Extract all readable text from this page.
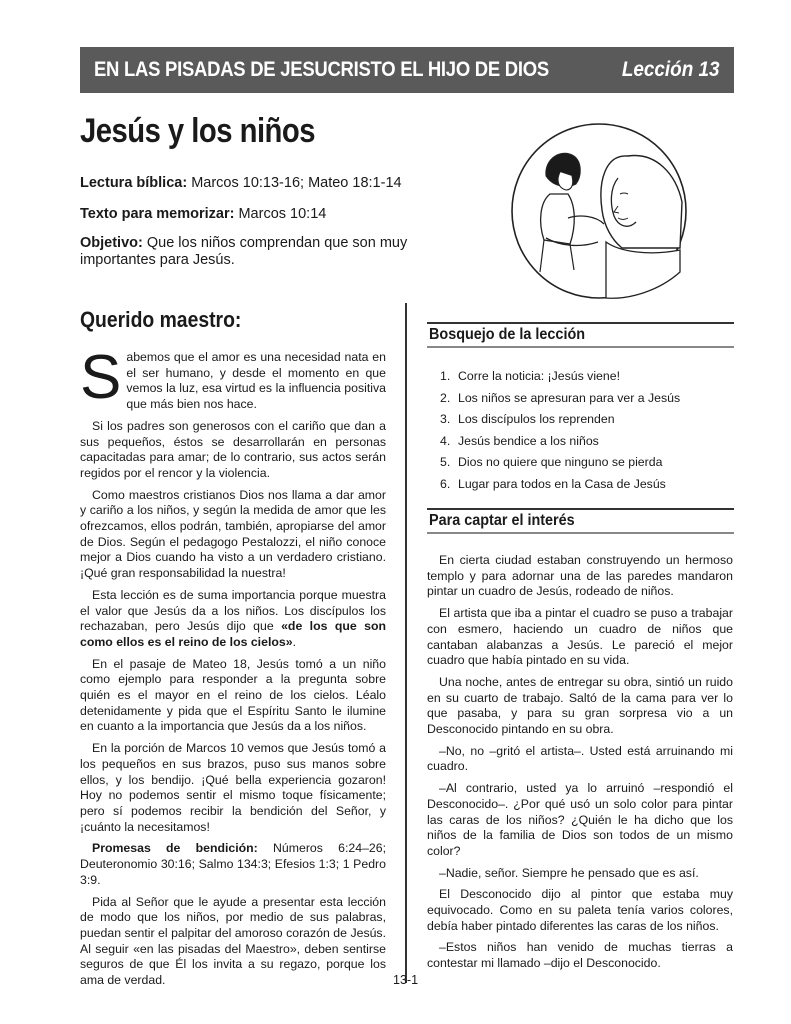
EN LAS PISADAS DE JESUCRISTO EL HIJO DE DIOS	Lección 13
Jesús y los niños
Lectura bíblica: Marcos 10:13-16; Mateo 18:1-14
Texto para memorizar: Marcos 10:14
Objetivo: Que los niños comprendan que son muy importantes para Jesús.
Querido maestro:

Sabemos que el amor es una necesidad nata en el ser humano, y desde el momento en que vemos la luz, esa virtud es la influencia positiva que más bien nos hace.

Si los padres son generosos con el cariño que dan a sus pequeños, éstos se desarrollarán en personas capacitadas para amar; de lo contrario, sus actos serán regidos por el rencor y la violencia.

Como maestros cristianos Dios nos llama a dar amor y cariño a los niños, y según la medida de amor que les ofrezcamos, ellos podrán, también, apropiarse del amor de Dios. Según el pedagogo Pestalozzi, el niño conoce mejor a Dios cuando ha visto a un verdadero cristiano. ¡Qué gran responsabilidad la nuestra!

Esta lección es de suma importancia porque muestra el valor que Jesús da a los niños. Los discípulos los rechazaban, pero Jesús dijo que «de los que son como ellos es el reino de los cielos».

En el pasaje de Mateo 18, Jesús tomó a un niño como ejemplo para responder a la pregunta sobre quién es el mayor en el reino de los cielos. Léalo detenidamente y pida que el Espíritu Santo le ilumine en cuanto a la importancia que Jesús da a los niños.

En la porción de Marcos 10 vemos que Jesús tomó a los pequeños en sus brazos, puso sus manos sobre ellos, y los bendijo. ¡Qué bella experiencia gozaron! Hoy no podemos sentir el mismo toque físicamente; pero sí podemos recibir la bendición del Señor, y ¡cuánto la necesitamos!

Promesas de bendición: Números 6:24–26; Deuteronomio 30:16; Salmo 134:3; Efesios 1:3; 1 Pedro 3:9.

Pida al Señor que le ayude a presentar esta lección de modo que los niños, por medio de sus palabras, puedan sentir el palpitar del amoroso corazón de Jesús. Al seguir «en las pisadas del Maestro», deben sentirse seguros de que Él los invita a su regazo, porque los ama de verdad.

Bosquejo de la lección
1. Corre la noticia: ¡Jesús viene!
2. Los niños se apresuran para ver a Jesús
3. Los discípulos los reprenden
4. Jesús bendice a los niños
5. Dios no quiere que ninguno se pierda
6. Lugar para todos en la Casa de Jesús
Para captar el interés

En cierta ciudad estaban construyendo un hermoso templo y para adornar una de las paredes mandaron pintar un cuadro de Jesús, rodeado de niños.

El artista que iba a pintar el cuadro se puso a trabajar con esmero, haciendo un cuadro de niños que cantaban alabanzas a Jesús. Le pareció el mejor cuadro que había pintado en su vida.

Una noche, antes de entregar su obra, sintió un ruido en su cuarto de trabajo. Saltó de la cama para ver lo que pasaba, y para su gran sorpresa vio a un Desconocido pintando en su obra.

–No, no –gritó el artista–. Usted está arruinando mi cuadro.

–Al contrario, usted ya lo arruinó –respondió el Desconocido–. ¿Por qué usó un solo color para pintar las caras de los niños? ¿Quién le ha dicho que los niños de la familia de Dios son todos de un mismo color?

–Nadie, señor. Siempre he pensado que es así.

El Desconocido dijo al pintor que estaba muy equivocado. Como en su paleta tenía varios colores, debía haber pintado diferentes las caras de los niños.

–Estos niños han venido de muchas tierras a contestar mi llamado –dijo el Desconocido.

13-1
